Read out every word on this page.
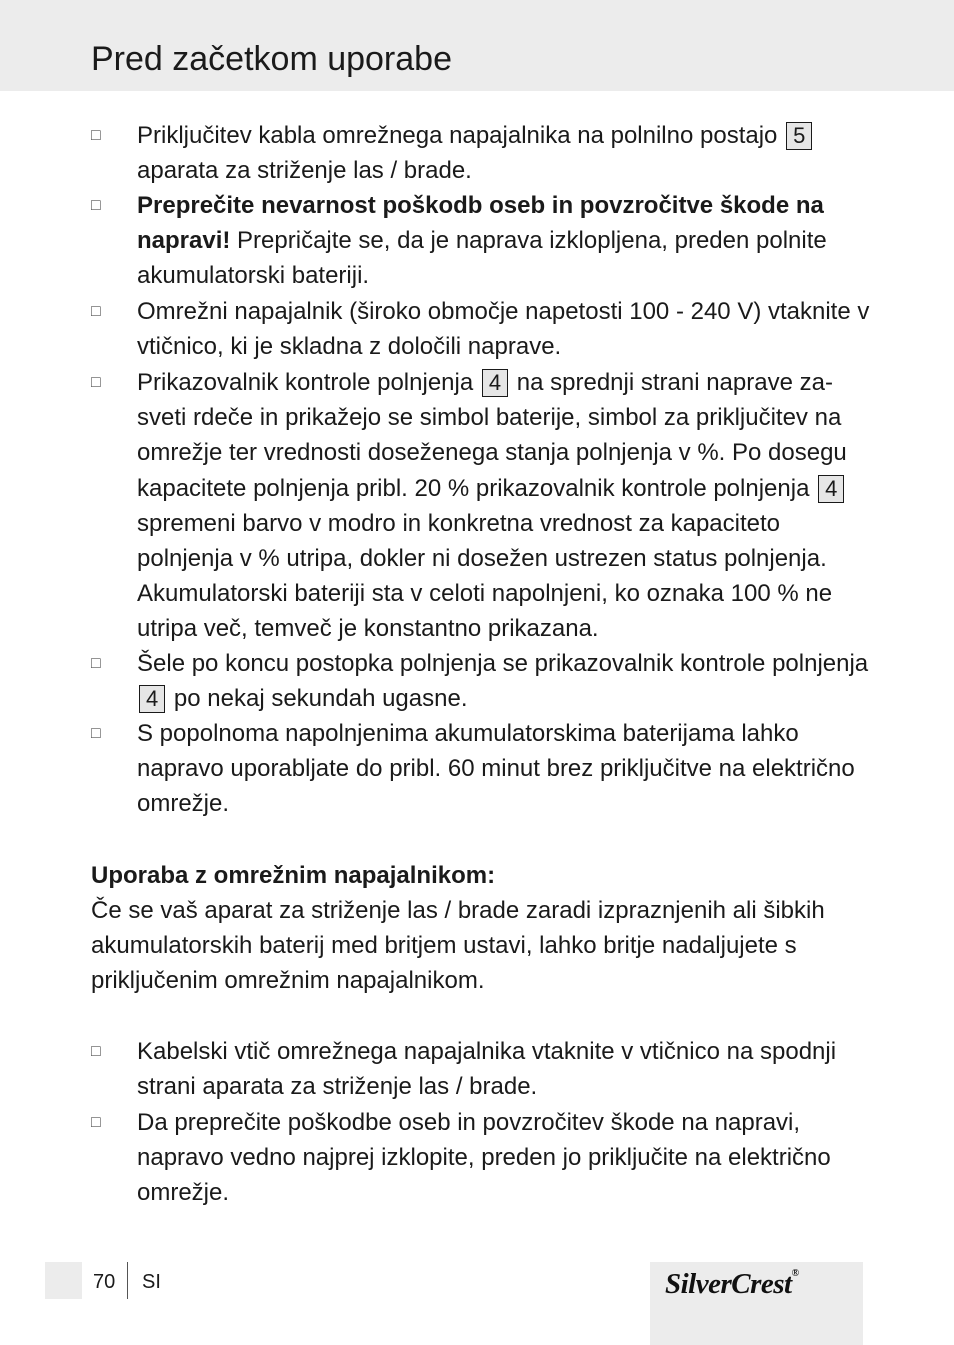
Pred začetkom uporabe
□ Priključitev kabla omrežnega napajalnika na polnilno postajo 5
aparata za striženje las / brade.
□ Preprečite nevarnost poškodb oseb in povzročitve škode na napravi! Prepričajte se, da je naprava izklopljena, preden polnite akumulatorski bateriji.
□ Omrežni napajalnik (široko območje napetosti 100 - 240 V) vtaknite v vtičnico, ki je skladna z določili naprave.
□ Prikazovalnik kontrole polnjenja 4 na sprednji strani naprave za-sveti rdeče in prikažejo se simbol baterije, simbol za priključitev na omrežje ter vrednosti doseženega stanja polnjenja v %. Po dosegu kapacitete polnjenja pribl. 20 % prikazovalnik kontrole polnjenja 4 spremeni barvo v modro in konkretna vrednost za kapaciteto polnjenja v % utripa, dokler ni dosežen ustrezen status polnjenja. Akumulatorski bateriji sta v celoti napolnjeni, ko oznaka 100 % ne utripa več, temveč je konstantno prikazana.
□ Šele po koncu postopka polnjenja se prikazovalnik kontrole polnjenja 4 po nekaj sekundah ugasne.
□ S popolnoma napolnjenima akumulatorskima baterijama lahko napravo uporabljate do pribl. 60 minut brez priključitve na električno omrežje.
Uporaba z omrežnim napajalnikom:
Če se vaš aparat za striženje las / brade zaradi izpraznjenih ali šibkih akumulatorskih baterij med britjem ustavi, lahko britje nadaljujete s priključenim omrežnim napajalnikom.
□ Kabelski vtič omrežnega napajalnika vtaknite v vtičnico na spodnji strani aparata za striženje las / brade.
□ Da preprečite poškodbe oseb in povzročitev škode na napravi, napravo vedno najprej izklopite, preden jo priključite na električno omrežje.
70 SI	SilverCrest®
